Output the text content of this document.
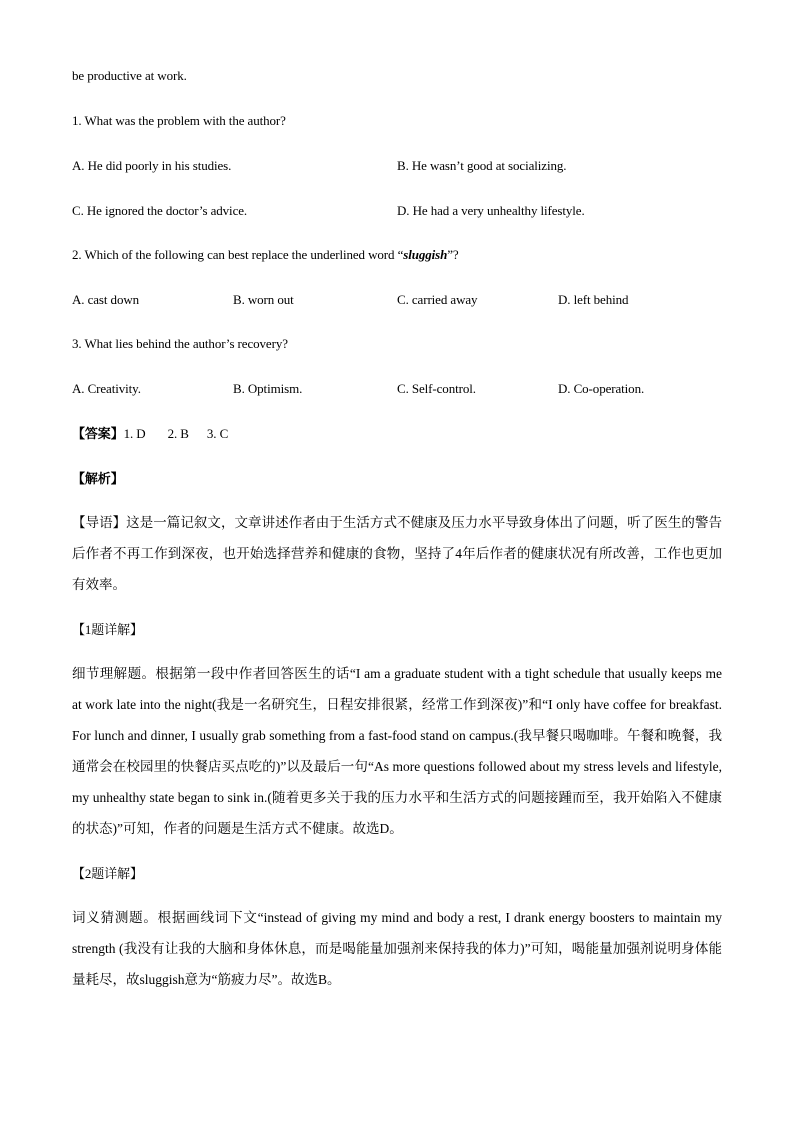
be productive at work.
1. What was the problem with the author?
A. He did poorly in his studies.	B. He wasn’t good at socializing.
C. He ignored the doctor’s advice.	D. He had a very unhealthy lifestyle.
2. Which of the following can best replace the underlined word “sluggish”?
A. cast down	B. worn out	C. carried away	D. left behind
3. What lies behind the author’s recovery?
A. Creativity.	B. Optimism.	C. Self-control.	D. Co-operation.
【答案】1. D 2. B 3. C
【解析】
【导语】这是一篇记叙文，文章讲述作者由于生活方式不健康及压力水平导致身体出了问题，听了医生的警告后作者不再工作到深夜，也开始选择营养和健康的食物，坚持了4年后作者的健康状况有所改善，工作也更加有效率。
【1题详解】
细节理解题。根据第一段中作者回答医生的话“I am a graduate student with a tight schedule that usually keeps me at work late into the night(我是一名研究生，日程安排很紧，经常工作到深夜)”和“I only have coffee for breakfast. For lunch and dinner, I usually grab something from a fast-food stand on campus.(我早餐只喝咖啡。午餐和晚餐，我通常会在校园里的快餐店买点吃的)”以及最后一句“As more questions followed about my stress levels and lifestyle, my unhealthy state began to sink in.(随着更多关于我的压力水平和生活方式的问题接踵而至，我开始陷入不健康的状态)”可知，作者的问题是生活方式不健康。故选D。
【2题详解】
词义猜测题。根据画线词下文“instead of giving my mind and body a rest, I drank energy boosters to maintain my strength (我没有让我的大脑和身体休息，而是喝能量加强剂来保持我的体力)”可知，喝能量加强剂说明身体能量耗尽，故sluggish意为“筋疲力尽”。故选B。
